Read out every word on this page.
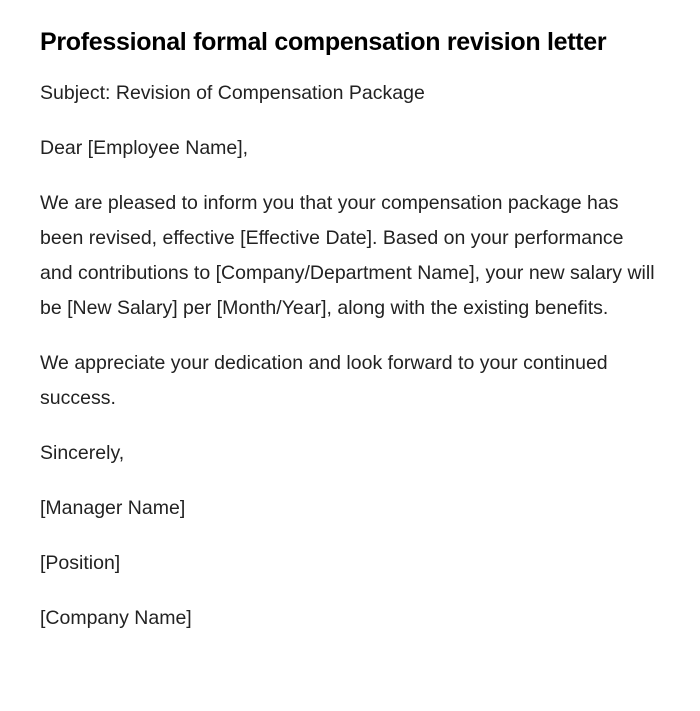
Professional formal compensation revision letter

Subject: Revision of Compensation Package

Dear [Employee Name],

We are pleased to inform you that your compensation package has been revised, effective [Effective Date]. Based on your performance and contributions to [Company/Department Name], your new salary will be [New Salary] per [Month/Year], along with the existing benefits.

We appreciate your dedication and look forward to your continued success.

Sincerely,

[Manager Name]

[Position]

[Company Name]
